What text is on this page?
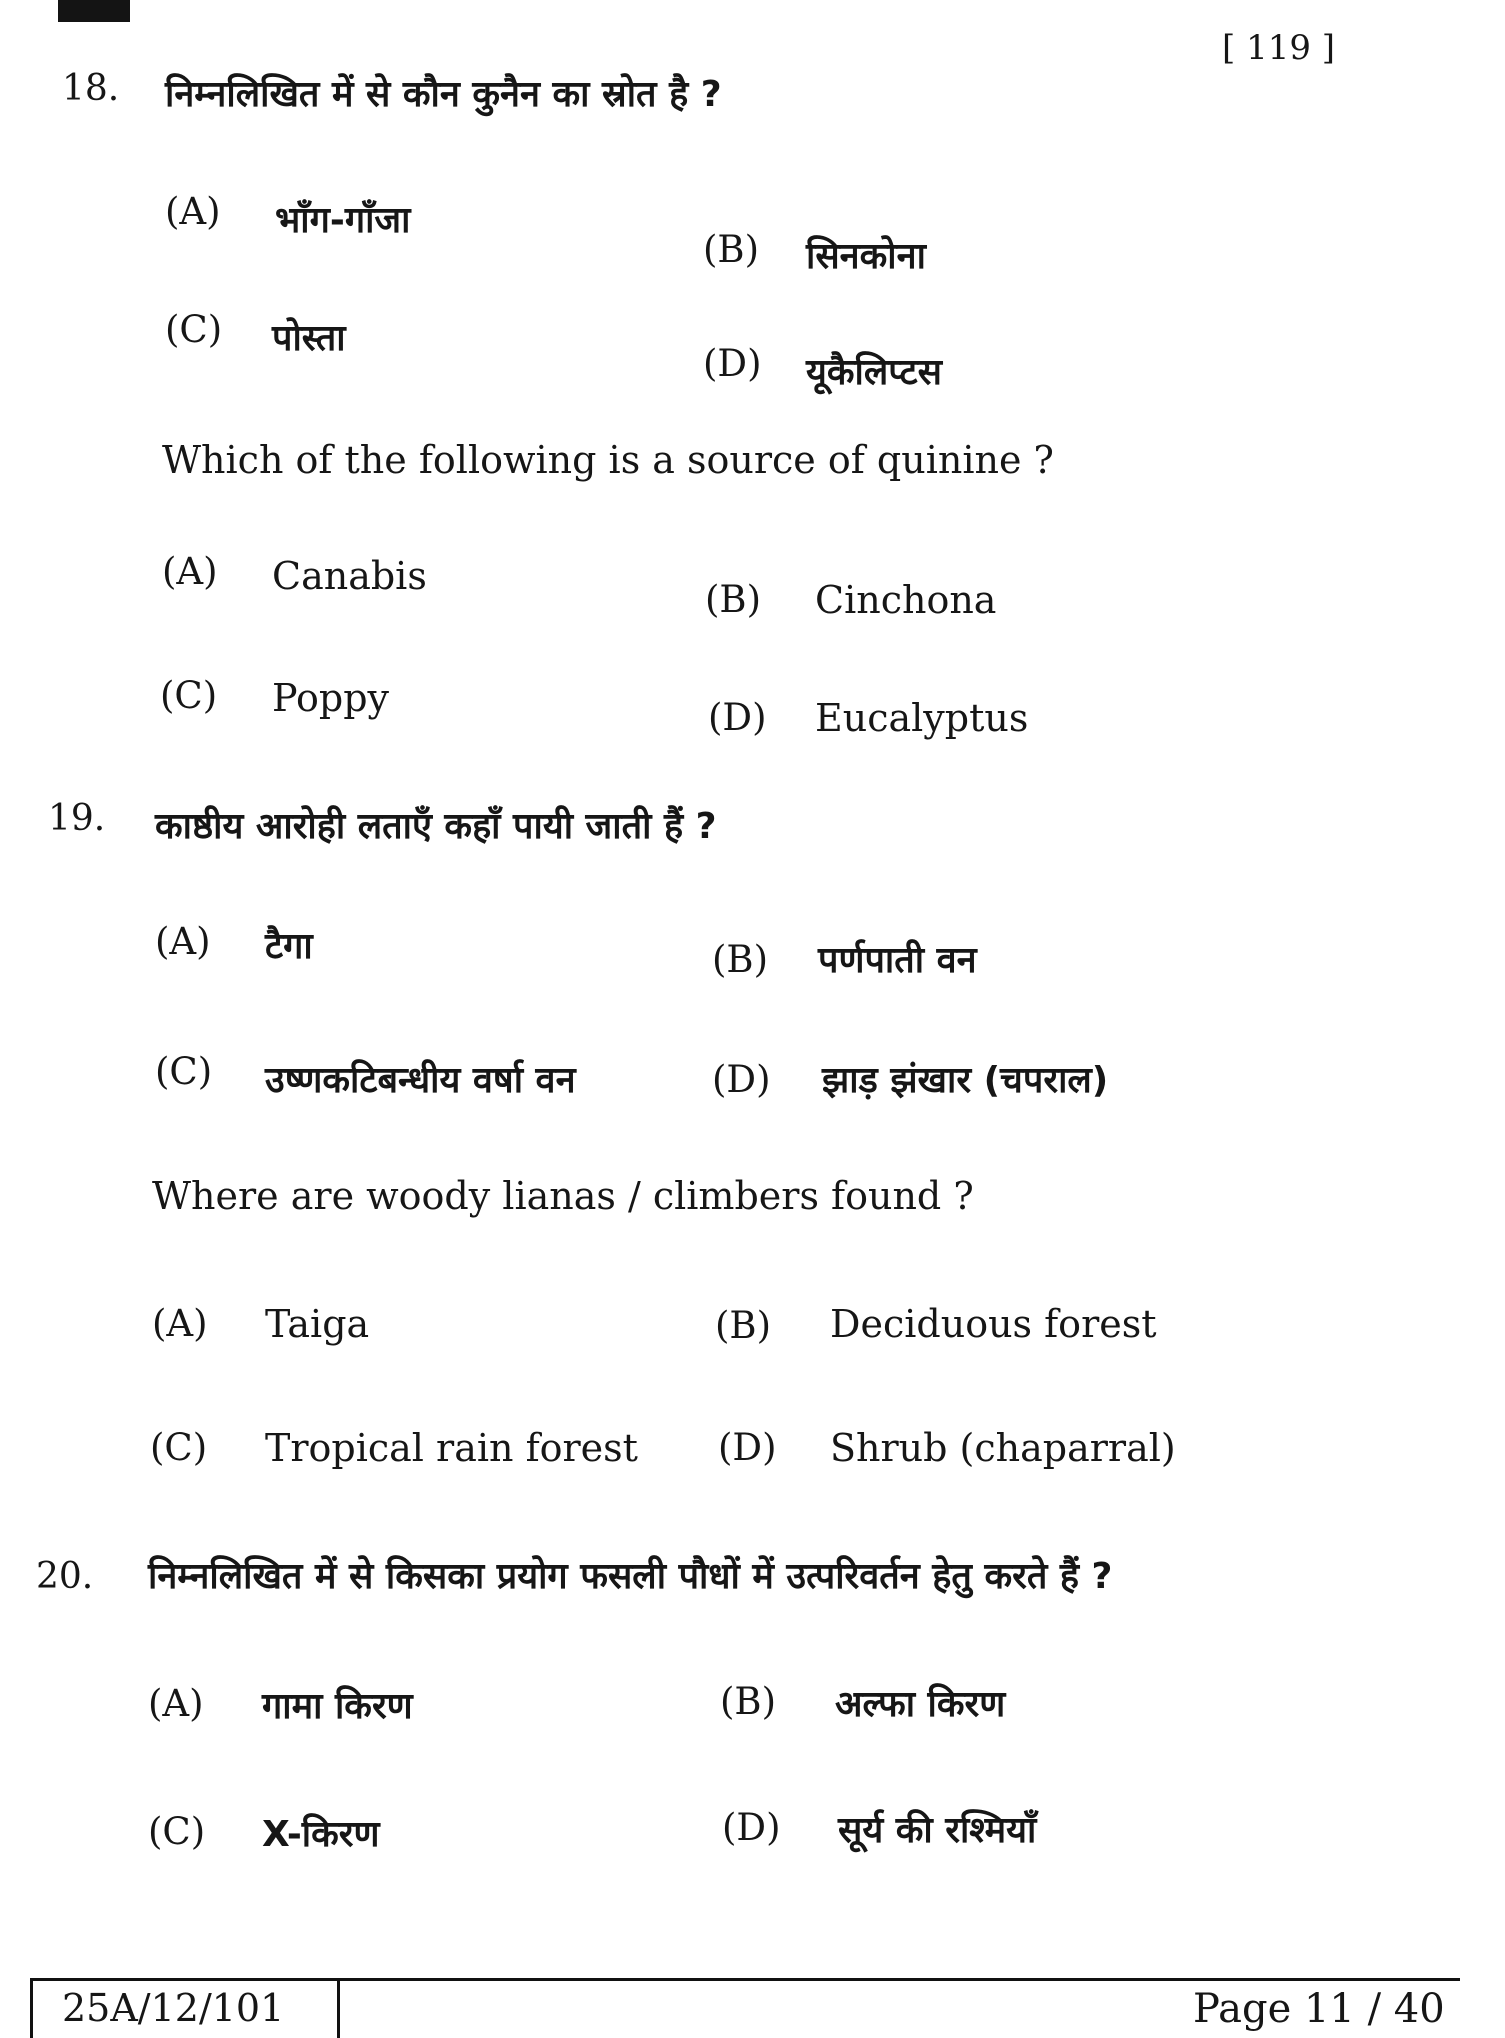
[ 119 ]
18. निम्नलिखित में से कौन कुनैन का स्रोत है ?
(A) भाँग-गाँजा
(B) सिनकोना
(C) पोस्ता
(D) यूकैलिप्टस
Which of the following is a source of quinine ?
(A) Canabis
(B) Cinchona
(C) Poppy	(D) Eucalyptus
19. काष्ठीय आरोही लताएँ कहाँ पायी जाती हैं ?
(A) टैगा	(B) पर्णपाती वन
(C) उष्णकटिबन्धीय वर्षा वन	(D) झाड़ झंखार (चपराल)
Where are woody lianas / climbers found ?
(A) Taiga	(B) Deciduous forest
(C) Tropical rain forest (D) Shrub (chaparral)
20. निम्नलिखित में से किसका प्रयोग फसली पौधों में उत्परिवर्तन हेतु करते हैं ?
(A) गामा किरण	(B) अल्फा किरण
(C) X-किरण	(D) सूर्य की रश्मियाँ
25A/12/101	Page 11 / 40
